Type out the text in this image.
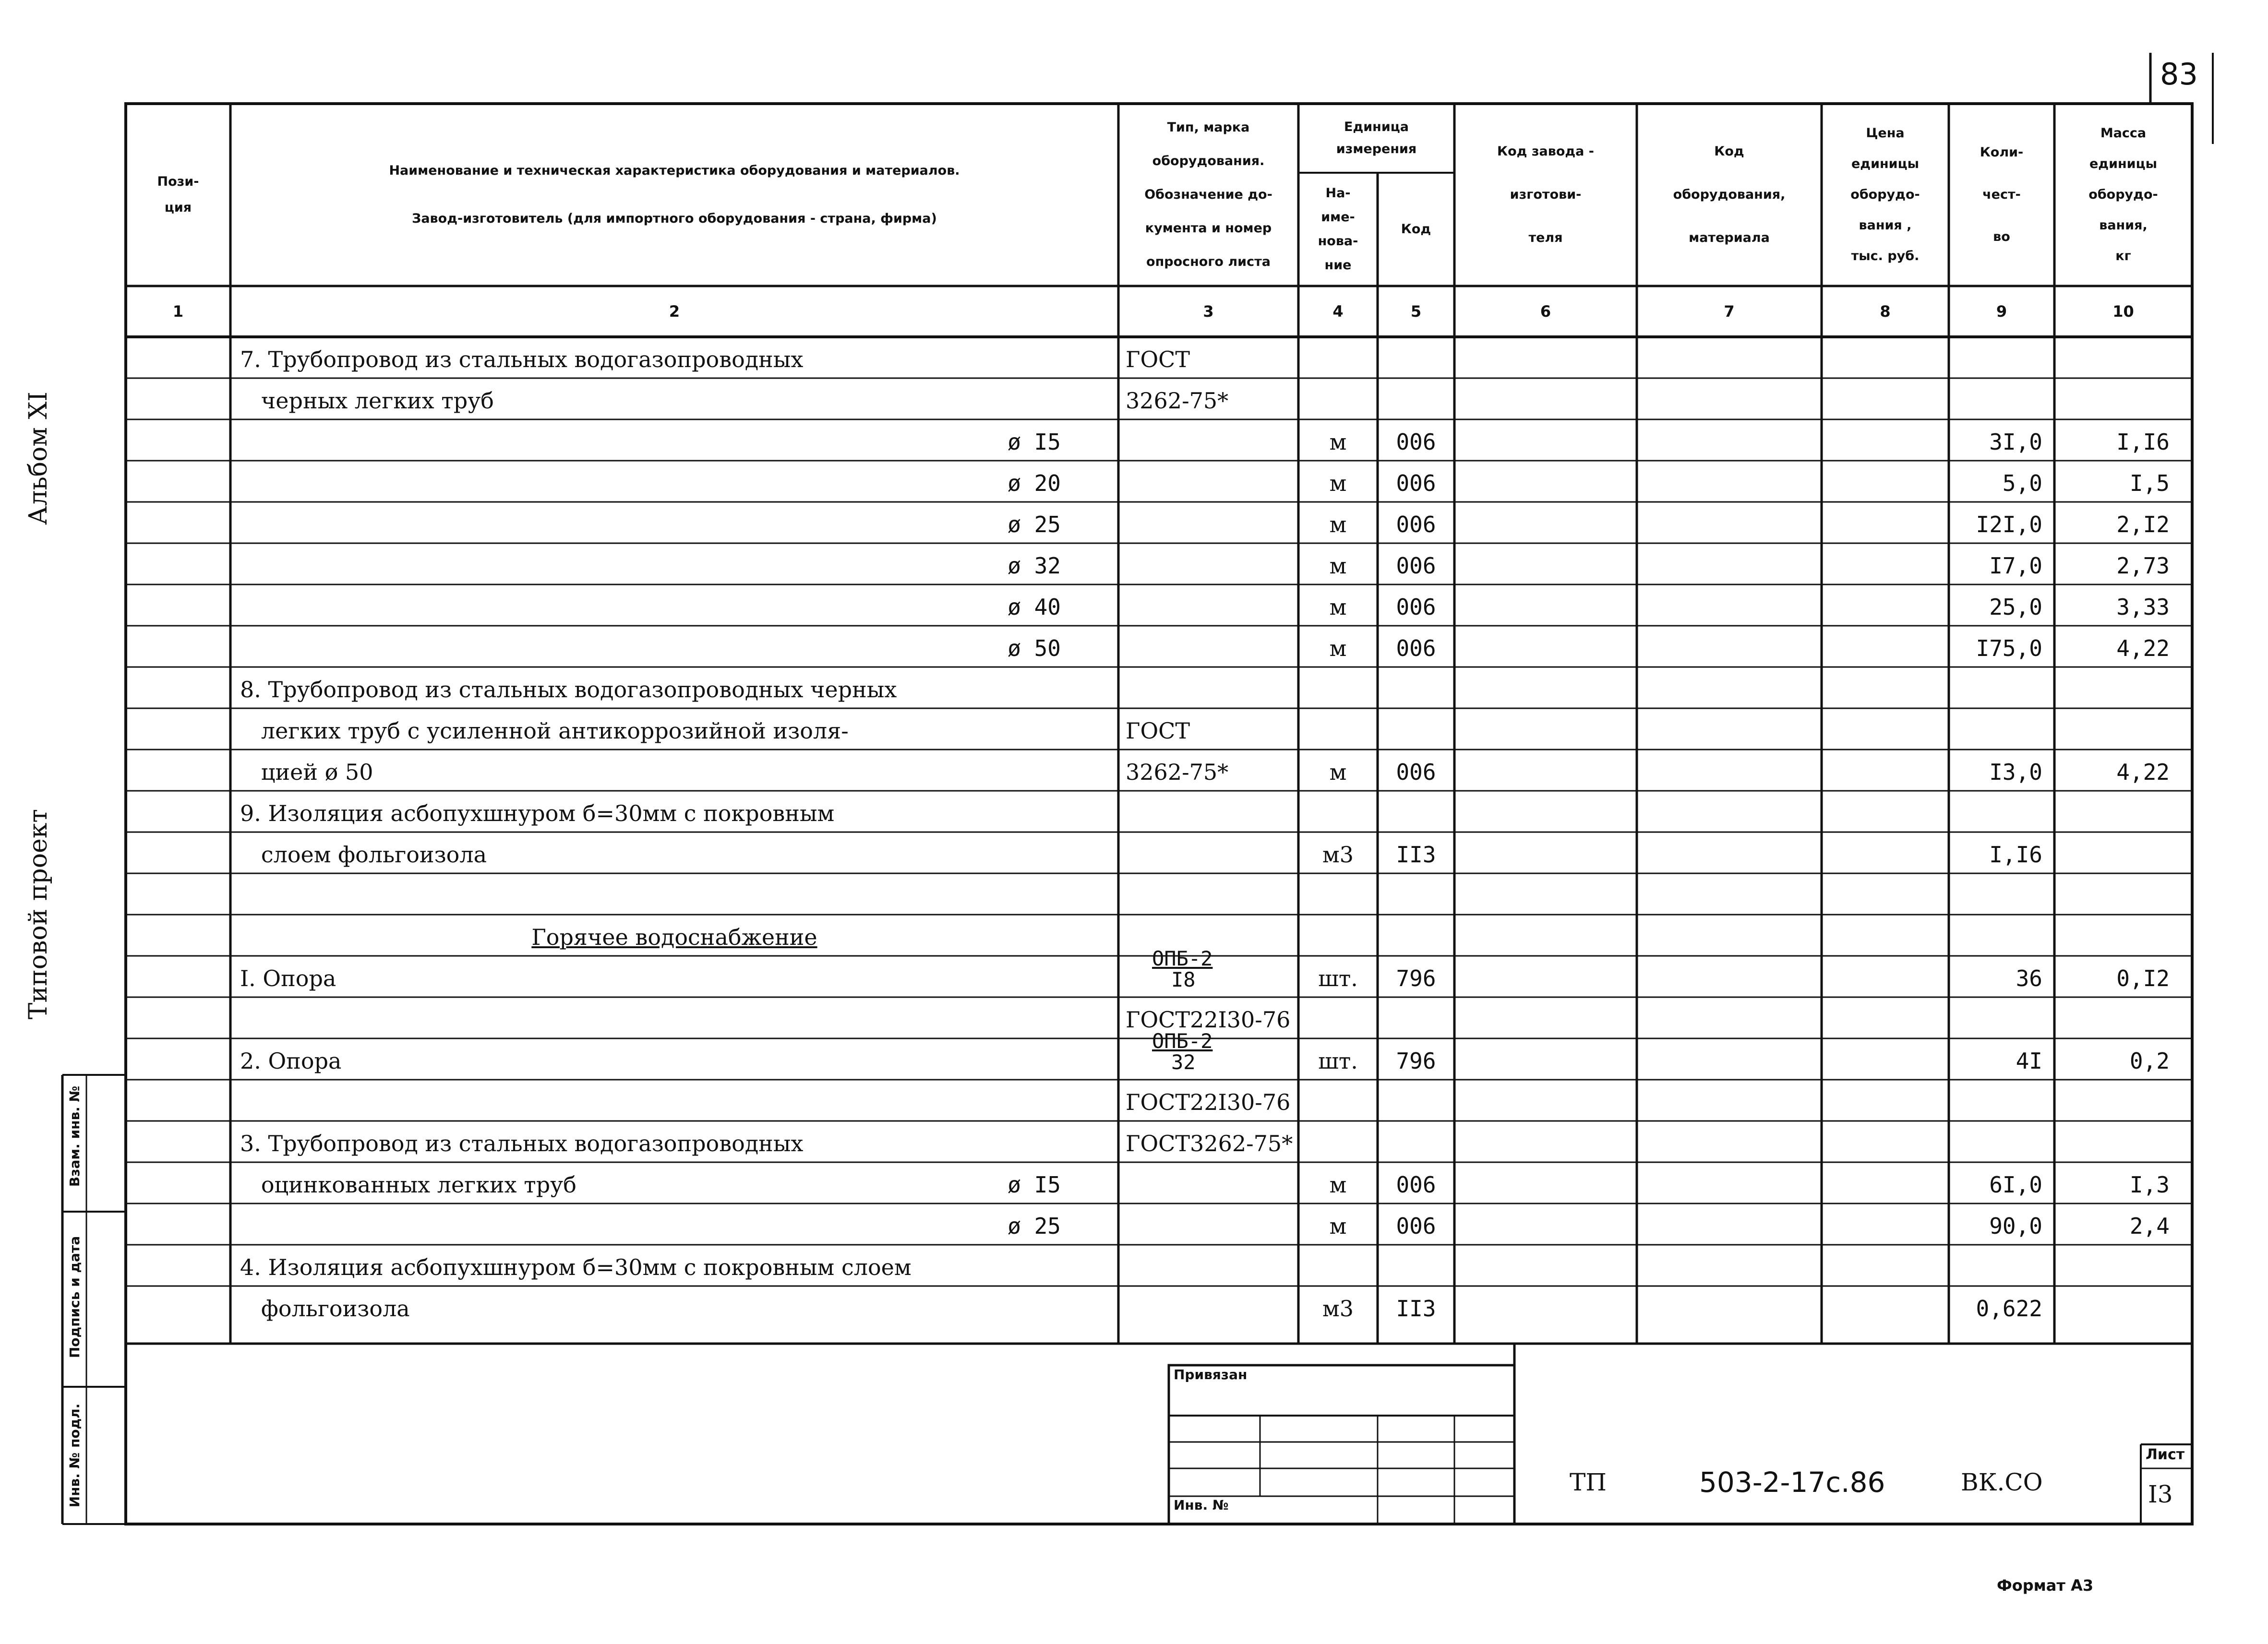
83
Пози-
ция
Наименование и техническая характеристика оборудования и материалов.
Завод-изготовитель (для импортного оборудования - страна, фирма)
Тип, марка
оборудования.
Обозначение до-
кумента и номер
опросного листа
Единица
измерения
На-
име-
нова-
ние
Код
Код завода -
изготови-
теля
Код
оборудования,
материала
Цена
единицы
оборудо-
вания ,
тыс. руб.
Коли-
чест-
во
Масса
единицы
оборудо-
вания,
кг
1	2	3	4	5	6	7	8	9	10
7. Трубопровод из стальных водогазопроводных	ГОСТ
черных легких труб	3262-75*
ø I5	м	006	3I,0	I,I6
ø 20	м	006	5,0	I,5
ø 25	м	006	I2I,0	2,I2
ø 32	м	006	I7,0	2,73
ø 40	м	006	25,0	3,33
ø 50	м	006	I75,0	4,22
8. Трубопровод из стальных водогазопроводных черных
легких труб с усиленной антикоррозийной изоля-	ГОСТ
цией ø 50	3262-75*	м	006	I3,0	4,22
9. Изоляция асбопухшнуром б=30мм с покровным
слоем фольгоизола	м3	II3	I,I6
Горячее водоснабжение
I. Опора
ОПБ-2
I8	шт.	796	36	0,I2
ГОСТ22I30-76
2. Опора
ОПБ-2
32	шт.	796	4I	0,2
ГОСТ22I30-76
3. Трубопровод из стальных водогазопроводных	ГОСТ3262-75*
оцинкованных легких труб	ø I5	м	006	6I,0	I,3
ø 25	м	006	90,0	2,4
4. Изоляция асбопухшнуром б=30мм с покровным слоем
фольгоизола	м3	II3	0,622
Альбом XI
Типовой проект
Взам. инв. №
Подпись и дата
Инв. № подл.
Привязан
Инв. №
ТП	503-2-17с.86	ВК.СО
Лист
I3
Формат А3
